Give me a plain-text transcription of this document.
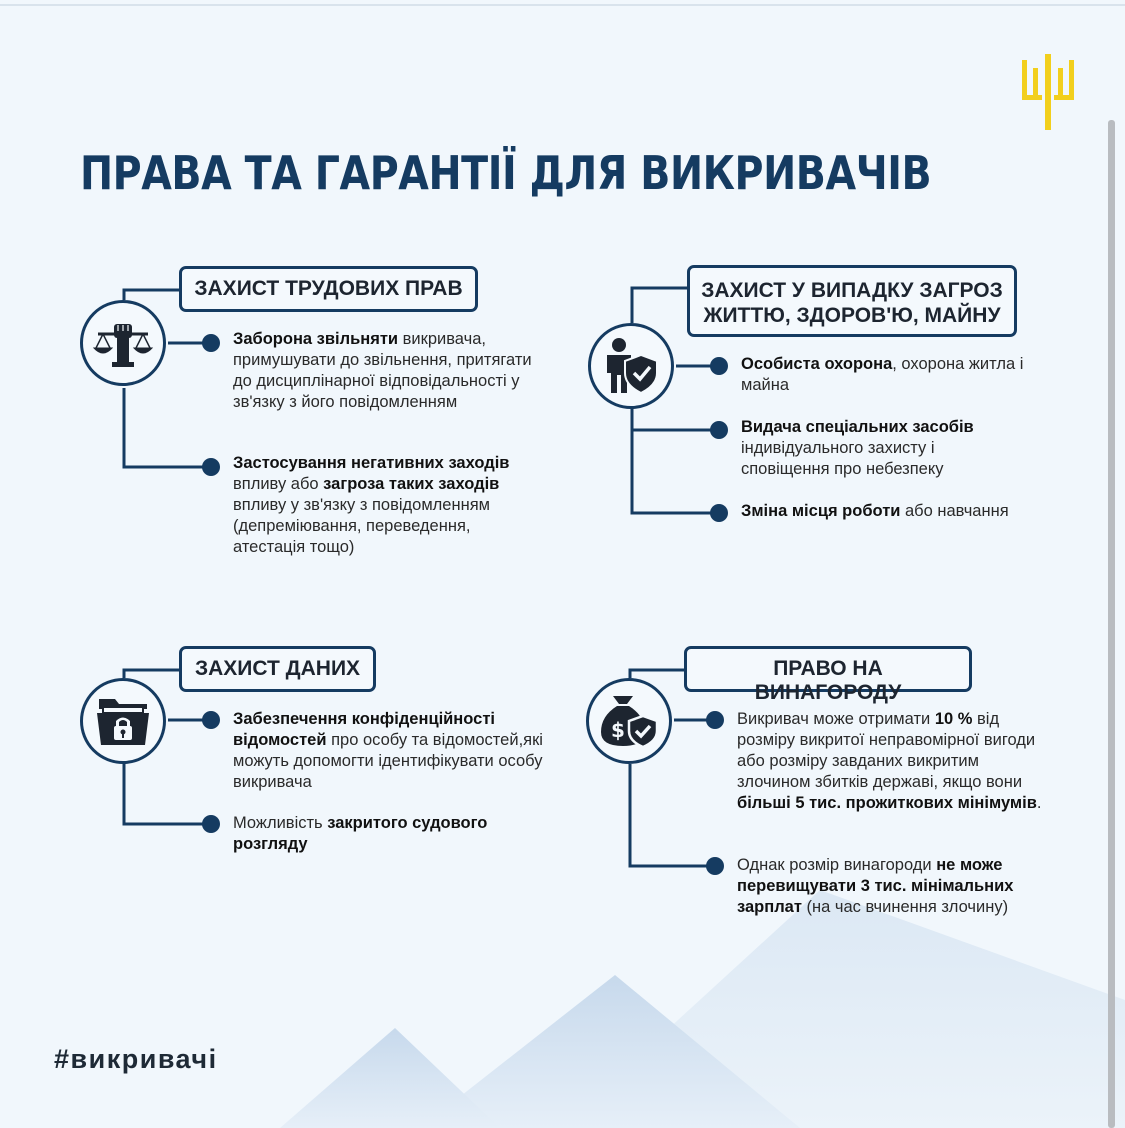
ПРАВА ТА ГАРАНТІЇ ДЛЯ ВИКРИВАЧІВ
ЗАХИСТ ТРУДОВИХ ПРАВ
Заборона звільняти викривача, примушувати до звільнення, притягати до дисциплінарної відповідальності у зв'язку з його повідомленням
Застосування негативних заходів впливу або загроза таких заходів впливу у зв'язку з повідомленням (депреміювання, переведення, атестація тощо)
ЗАХИСТ У ВИПАДКУ ЗАГРОЗ
ЖИТТЮ, ЗДОРОВ'Ю, МАЙНУ
Особиста охорона, охорона житла і майна
Видача спеціальних засобів індивідуального захисту і сповіщення про небезпеку
Зміна місця роботи або навчання
ЗАХИСТ ДАНИХ
Забезпечення конфіденційності відомостей про особу та відомостей,які можуть допомогти ідентифікувати особу викривача
Можливість закритого судового розгляду
ПРАВО НА ВИНАГОРОДУ
$	Викривач може отримати 10 % від розміру викритої неправомірної вигоди або розміру завданих викритим злочином збитків державі, якщо вони більші 5 тис. прожиткових мінімумів.
Однак розмір винагороди не може перевищувати 3 тис. мінімальних зарплат (на час вчинення злочину)
#викривачі
